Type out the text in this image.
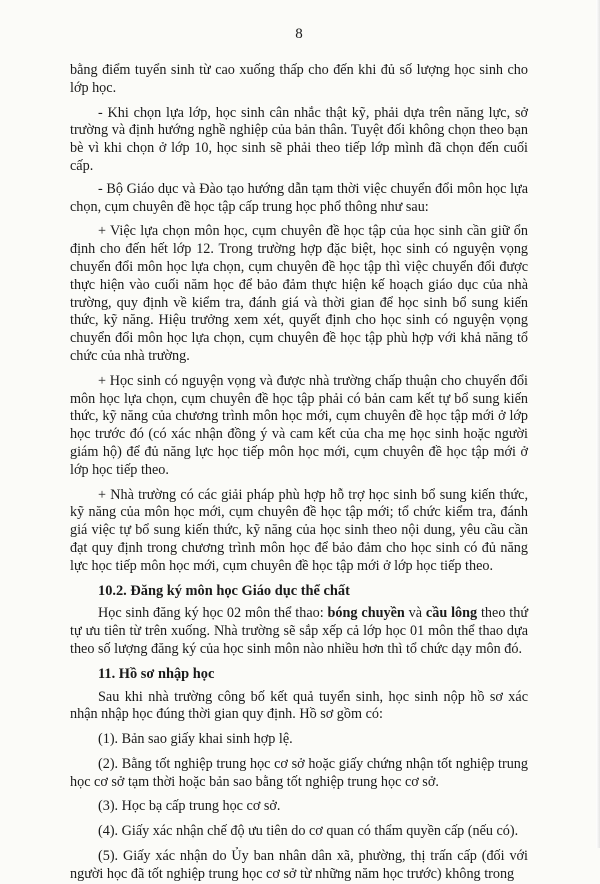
8

bằng điểm tuyển sinh từ cao xuống thấp cho đến khi đủ số lượng học sinh cho lớp học.

- Khi chọn lựa lớp, học sinh cân nhắc thật kỹ, phải dựa trên năng lực, sở trường và định hướng nghề nghiệp của bản thân. Tuyệt đối không chọn theo bạn bè vì khi chọn ở lớp 10, học sinh sẽ phải theo tiếp lớp mình đã chọn đến cuối cấp.

- Bộ Giáo dục và Đào tạo hướng dẫn tạm thời việc chuyển đổi môn học lựa chọn, cụm chuyên đề học tập cấp trung học phổ thông như sau:

+ Việc lựa chọn môn học, cụm chuyên đề học tập của học sinh cần giữ ổn định cho đến hết lớp 12. Trong trường hợp đặc biệt, học sinh có nguyện vọng chuyển đổi môn học lựa chọn, cụm chuyên đề học tập thì việc chuyển đổi được thực hiện vào cuối năm học để bảo đảm thực hiện kế hoạch giáo dục của nhà trường, quy định về kiểm tra, đánh giá và thời gian để học sinh bổ sung kiến thức, kỹ năng. Hiệu trưởng xem xét, quyết định cho học sinh có nguyện vọng chuyển đổi môn học lựa chọn, cụm chuyên đề học tập phù hợp với khả năng tổ chức của nhà trường.

+ Học sinh có nguyện vọng và được nhà trường chấp thuận cho chuyển đổi môn học lựa chọn, cụm chuyên đề học tập phải có bản cam kết tự bổ sung kiến thức, kỹ năng của chương trình môn học mới, cụm chuyên đề học tập mới ở lớp học trước đó (có xác nhận đồng ý và cam kết của cha mẹ học sinh hoặc người giám hộ) để đủ năng lực học tiếp môn học mới, cụm chuyên đề học tập mới ở lớp học tiếp theo.

+ Nhà trường có các giải pháp phù hợp hỗ trợ học sinh bổ sung kiến thức, kỹ năng của môn học mới, cụm chuyên đề học tập mới; tổ chức kiểm tra, đánh giá việc tự bổ sung kiến thức, kỹ năng của học sinh theo nội dung, yêu cầu cần đạt quy định trong chương trình môn học để bảo đảm cho học sinh có đủ năng lực học tiếp môn học mới, cụm chuyên đề học tập mới ở lớp học tiếp theo.

10.2. Đăng ký môn học Giáo dục thể chất

Học sinh đăng ký học 02 môn thể thao: bóng chuyền và cầu lông theo thứ tự ưu tiên từ trên xuống. Nhà trường sẽ sắp xếp cả lớp học 01 môn thể thao dựa theo số lượng đăng ký của học sinh môn nào nhiều hơn thì tổ chức dạy môn đó.

11. Hồ sơ nhập học

Sau khi nhà trường công bố kết quả tuyển sinh, học sinh nộp hồ sơ xác nhận nhập học đúng thời gian quy định. Hồ sơ gồm có:

(1). Bản sao giấy khai sinh hợp lệ.

(2). Bằng tốt nghiệp trung học cơ sở hoặc giấy chứng nhận tốt nghiệp trung học cơ sở tạm thời hoặc bản sao bằng tốt nghiệp trung học cơ sở.

(3). Học bạ cấp trung học cơ sở.

(4). Giấy xác nhận chế độ ưu tiên do cơ quan có thẩm quyền cấp (nếu có).

(5). Giấy xác nhận do Ủy ban nhân dân xã, phường, thị trấn cấp (đối với người học đã tốt nghiệp trung học cơ sở từ những năm học trước) không trong
